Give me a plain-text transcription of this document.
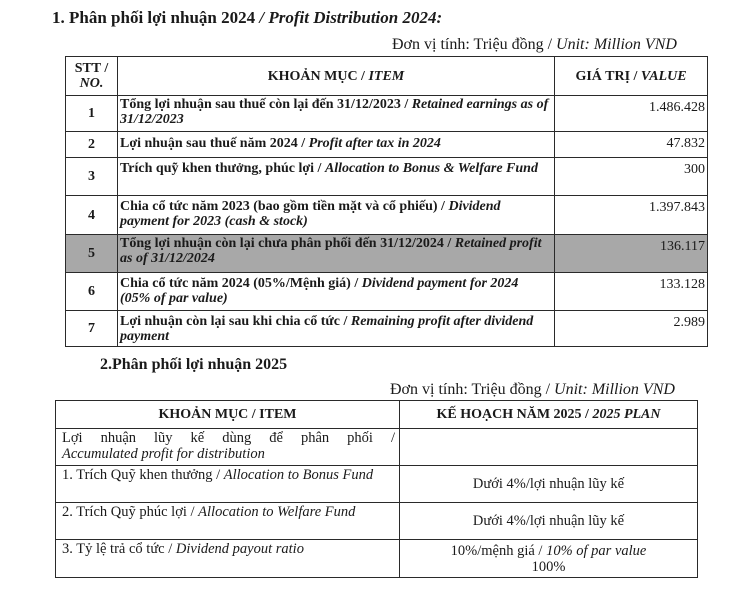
1. Phân phối lợi nhuận 2024 / Profit Distribution 2024:
Đơn vị tính: Triệu đồng / Unit: Million VND
STT /
NO.	KHOẢN MỤC / ITEM	GIÁ TRỊ / VALUE
1	Tổng lợi nhuận sau thuế còn lại đến 31/12/2023 / Retained earnings as of 31/12/2023	1.486.428
2	Lợi nhuận sau thuế năm 2024 / Profit after tax in 2024	47.832
3	Trích quỹ khen thưởng, phúc lợi / Allocation to Bonus & Welfare Fund	300
4	Chia cổ tức năm 2023 (bao gồm tiền mặt và cổ phiếu) / Dividend payment for 2023 (cash & stock)	1.397.843
5	Tổng lợi nhuận còn lại chưa phân phối đến 31/12/2024 / Retained profit as of 31/12/2024	136.117
6	Chia cổ tức năm 2024 (05%/Mệnh giá) / Dividend payment for 2024 (05% of par value)	133.128
7	Lợi nhuận còn lại sau khi chia cổ tức / Remaining profit after dividend payment	2.989
2.Phân phối lợi nhuận 2025
Đơn vị tính: Triệu đồng / Unit: Million VND
KHOẢN MỤC / ITEM	KẾ HOẠCH NĂM 2025 / 2025 PLAN

Lợi nhuận lũy kế dùng để phân phối /
Accumulated profit for distribution	

1. Trích Quỹ khen thưởng / Allocation to Bonus Fund	Dưới 4%/lợi nhuận lũy kế
2. Trích Quỹ phúc lợi / Allocation to Welfare Fund	Dưới 4%/lợi nhuận lũy kế
3. Tỷ lệ trả cổ tức / Dividend payout ratio	10%/mệnh giá / 10% of par value
100%
